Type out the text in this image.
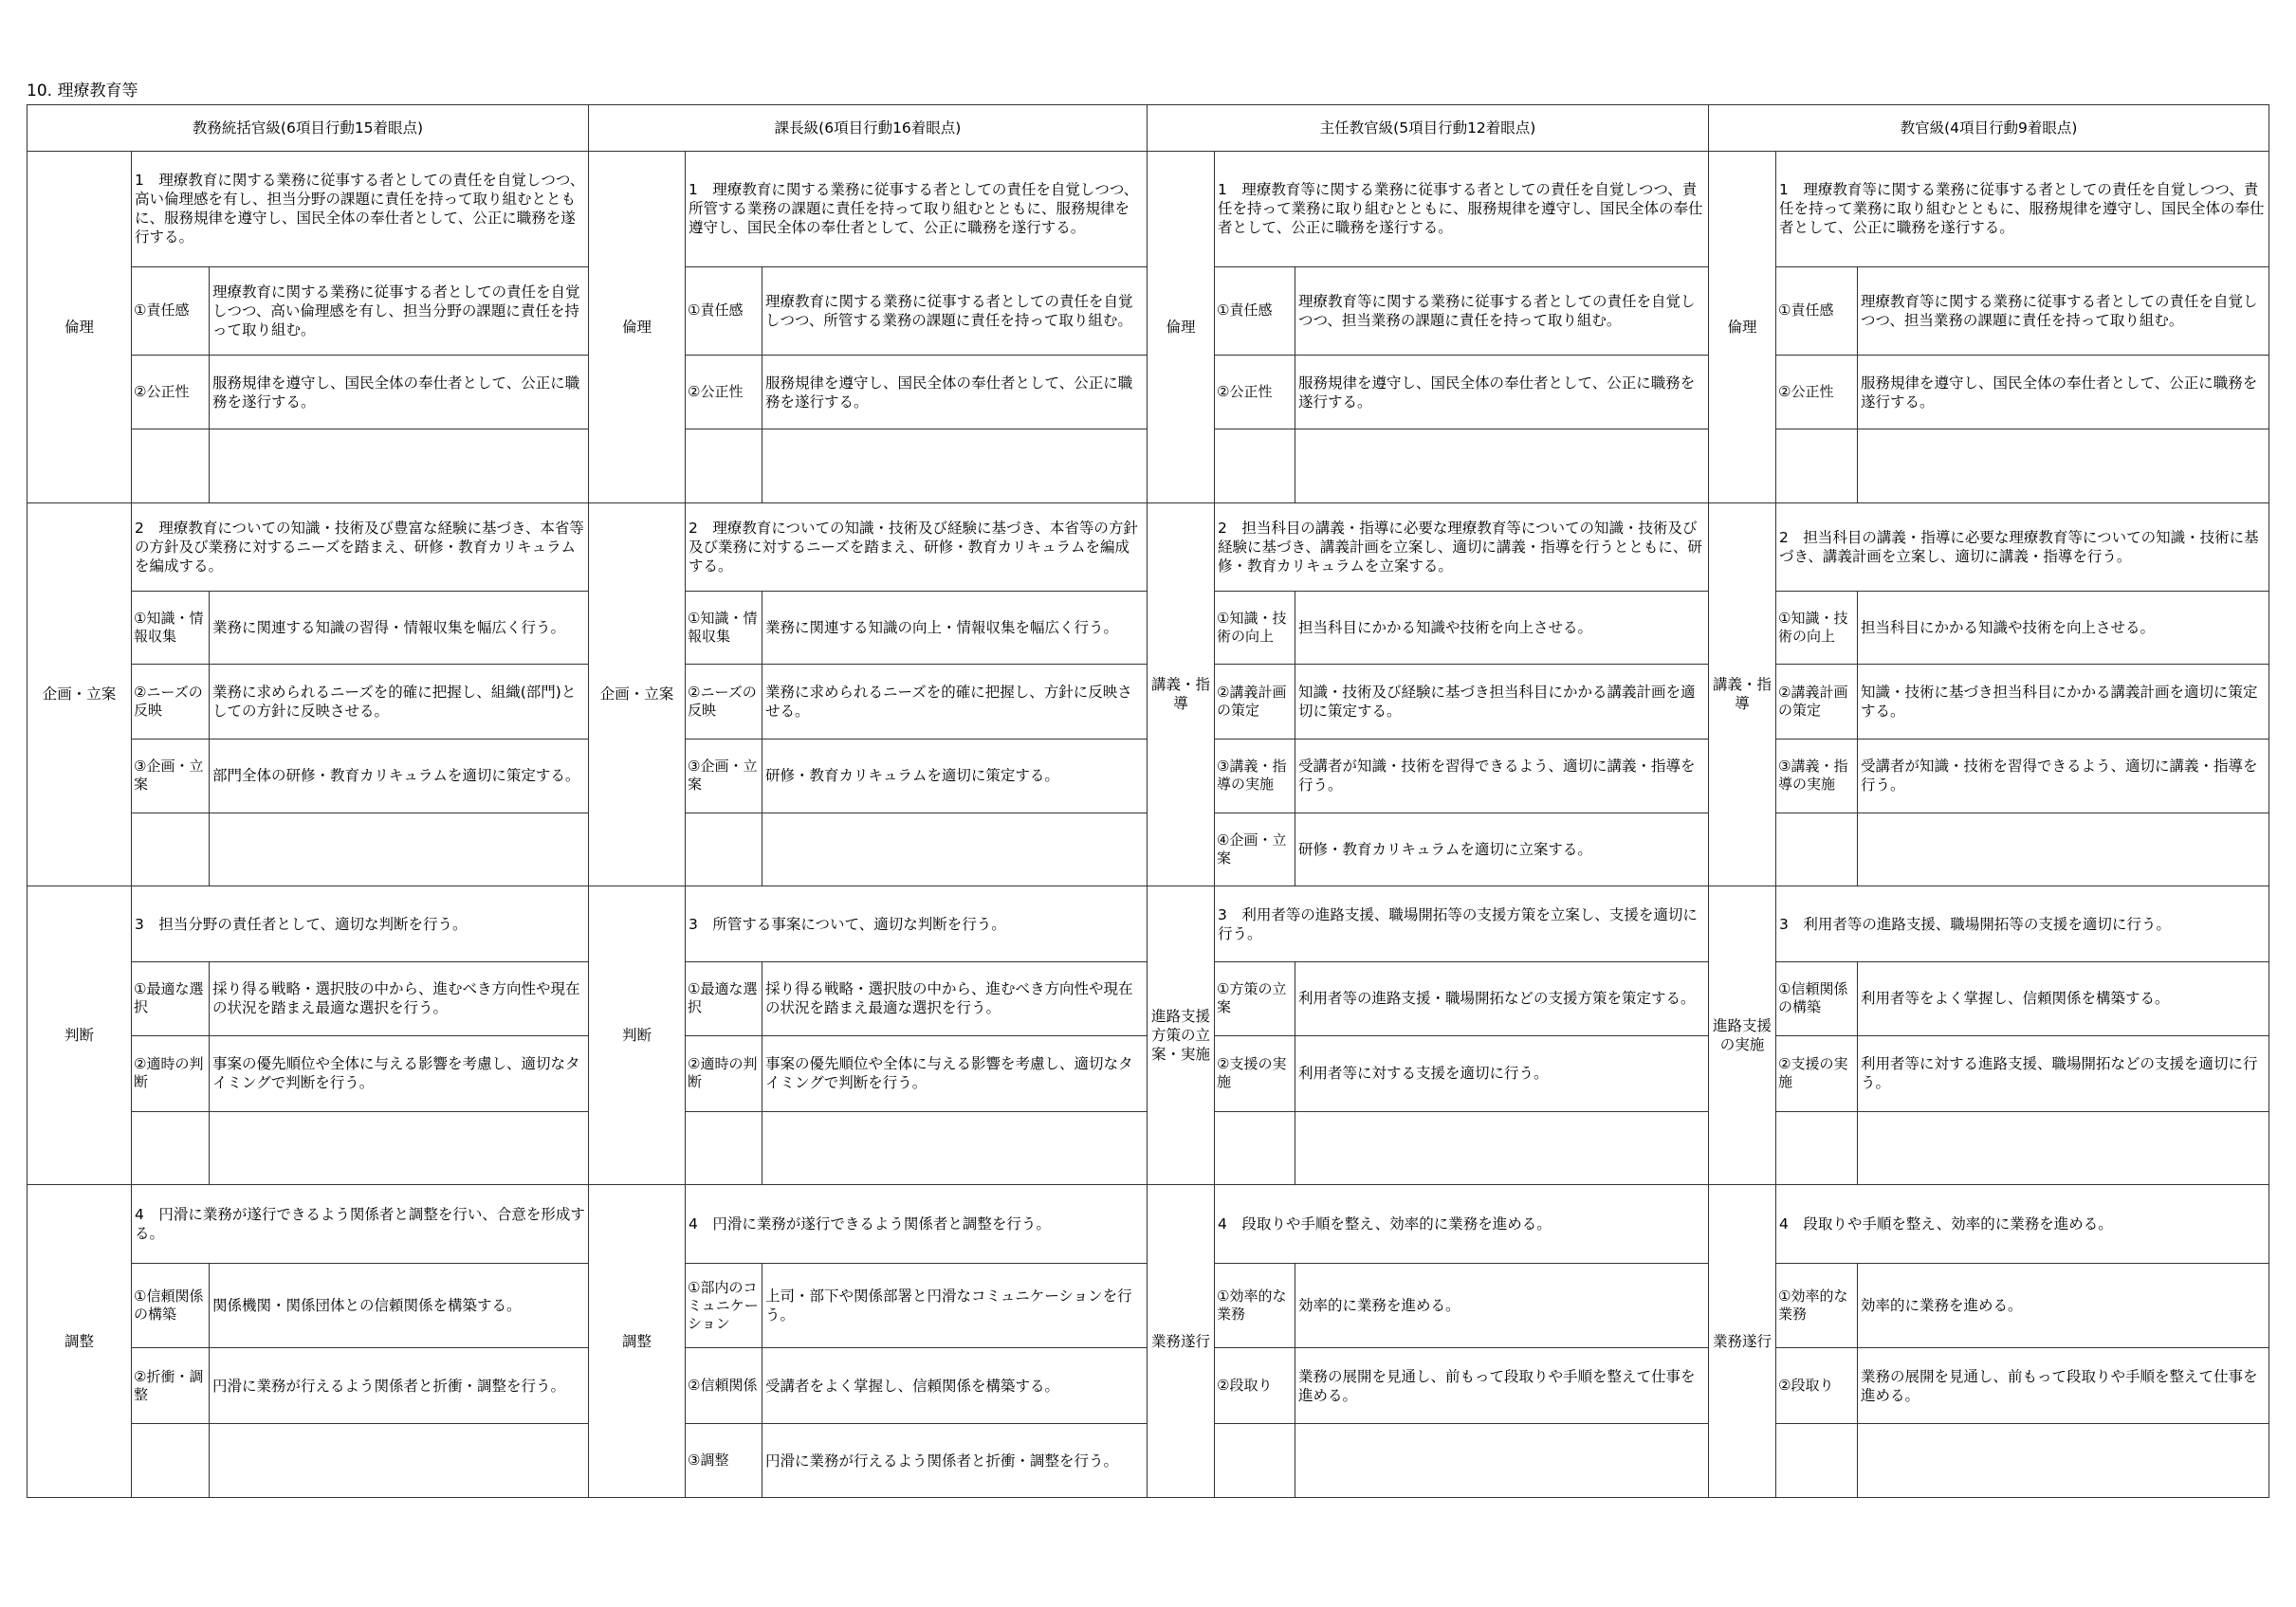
10. 理療教育等
教務統括官級(6項目行動15着眼点)			課長級(6項目行動16着眼点)			主任教官級(5項目行動12着眼点)			教官級(4項目行動9着眼点)		
倫理	1　理療教育に関する業務に従事する者としての責任を自覚しつつ、高い倫理感を有し、担当分野の課題に責任を持って取り組むとともに、服務規律を遵守し、国民全体の奉仕者として、公正に職務を遂行する。		倫理	1　理療教育に関する業務に従事する者としての責任を自覚しつつ、所管する業務の課題に責任を持って取り組むとともに、服務規律を遵守し、国民全体の奉仕者として、公正に職務を遂行する。		倫理	1　理療教育等に関する業務に従事する者としての責任を自覚しつつ、責任を持って業務に取り組むとともに、服務規律を遵守し、国民全体の奉仕者として、公正に職務を遂行する。		倫理	1　理療教育等に関する業務に従事する者としての責任を自覚しつつ、責任を持って業務に取り組むとともに、服務規律を遵守し、国民全体の奉仕者として、公正に職務を遂行する。	
	①責任感	理療教育に関する業務に従事する者としての責任を自覚しつつ、高い倫理感を有し、担当分野の課題に責任を持って取り組む。		①責任感	理療教育に関する業務に従事する者としての責任を自覚しつつ、所管する業務の課題に責任を持って取り組む。		①責任感	理療教育等に関する業務に従事する者としての責任を自覚しつつ、担当業務の課題に責任を持って取り組む。		①責任感	理療教育等に関する業務に従事する者としての責任を自覚しつつ、担当業務の課題に責任を持って取り組む。
	②公正性	服務規律を遵守し、国民全体の奉仕者として、公正に職務を遂行する。		②公正性	服務規律を遵守し、国民全体の奉仕者として、公正に職務を遂行する。		②公正性	服務規律を遵守し、国民全体の奉仕者として、公正に職務を遂行する。		②公正性	服務規律を遵守し、国民全体の奉仕者として、公正に職務を遂行する。

企画・立案	2　理療教育についての知識・技術及び豊富な経験に基づき、本省等の方針及び業務に対するニーズを踏まえ、研修・教育カリキュラムを編成する。		企画・立案	2　理療教育についての知識・技術及び経験に基づき、本省等の方針及び業務に対するニーズを踏まえ、研修・教育カリキュラムを編成する。		講義・指導	2　担当科目の講義・指導に必要な理療教育等についての知識・技術及び経験に基づき、講義計画を立案し、適切に講義・指導を行うとともに、研修・教育カリキュラムを立案する。		講義・指導	2　担当科目の講義・指導に必要な理療教育等についての知識・技術に基づき、講義計画を立案し、適切に講義・指導を行う。	
	①知識・情報収集	業務に関連する知識の習得・情報収集を幅広く行う。		①知識・情報収集	業務に関連する知識の向上・情報収集を幅広く行う。		①知識・技術の向上	担当科目にかかる知識や技術を向上させる。		①知識・技術の向上	担当科目にかかる知識や技術を向上させる。
	②ニーズの反映	業務に求められるニーズを的確に把握し、組織(部門)としての方針に反映させる。		②ニーズの反映	業務に求められるニーズを的確に把握し、方針に反映させる。		②講義計画の策定	知識・技術及び経験に基づき担当科目にかかる講義計画を適切に策定する。		②講義計画の策定	知識・技術に基づき担当科目にかかる講義計画を適切に策定する。
	③企画・立案	部門全体の研修・教育カリキュラムを適切に策定する。		③企画・立案	研修・教育カリキュラムを適切に策定する。		③講義・指導の実施	受講者が知識・技術を習得できるよう、適切に講義・指導を行う。		③講義・指導の実施	受講者が知識・技術を習得できるよう、適切に講義・指導を行う。
							④企画・立案	研修・教育カリキュラムを適切に立案する。			
判断	3　担当分野の責任者として、適切な判断を行う。		判断	3　所管する事案について、適切な判断を行う。		進路支援方策の立案・実施	3　利用者等の進路支援、職場開拓等の支援方策を立案し、支援を適切に行う。		進路支援の実施	3　利用者等の進路支援、職場開拓等の支援を適切に行う。	
	①最適な選択	採り得る戦略・選択肢の中から、進むべき方向性や現在の状況を踏まえ最適な選択を行う。		①最適な選択	採り得る戦略・選択肢の中から、進むべき方向性や現在の状況を踏まえ最適な選択を行う。		①方策の立案	利用者等の進路支援・職場開拓などの支援方策を策定する。		①信頼関係の構築	利用者等をよく掌握し、信頼関係を構築する。
	②適時の判断	事案の優先順位や全体に与える影響を考慮し、適切なタイミングで判断を行う。		②適時の判断	事案の優先順位や全体に与える影響を考慮し、適切なタイミングで判断を行う。		②支援の実施	利用者等に対する支援を適切に行う。		②支援の実施	利用者等に対する進路支援、職場開拓などの支援を適切に行う。

調整	4　円滑に業務が遂行できるよう関係者と調整を行い、合意を形成する。		調整	4　円滑に業務が遂行できるよう関係者と調整を行う。		業務遂行	4　段取りや手順を整え、効率的に業務を進める。		業務遂行	4　段取りや手順を整え、効率的に業務を進める。	
	①信頼関係の構築	関係機関・関係団体との信頼関係を構築する。		①部内のコミュニケーション	上司・部下や関係部署と円滑なコミュニケーションを行う。		①効率的な業務	効率的に業務を進める。		①効率的な業務	効率的に業務を進める。
	②折衝・調整	円滑に業務が行えるよう関係者と折衝・調整を行う。		②信頼関係	受講者をよく掌握し、信頼関係を構築する。		②段取り	業務の展開を見通し、前もって段取りや手順を整えて仕事を進める。		②段取り	業務の展開を見通し、前もって段取りや手順を整えて仕事を進める。
				③調整	円滑に業務が行えるよう関係者と折衝・調整を行う。						
